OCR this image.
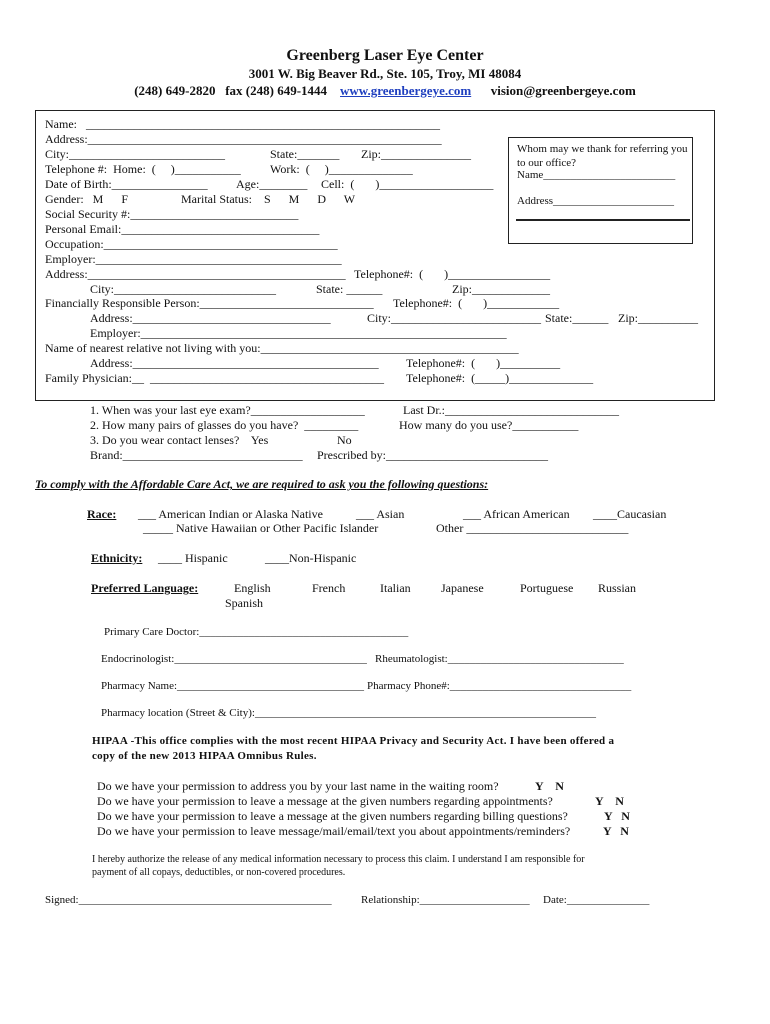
Greenberg Laser Eye Center
3001 W. Big Beaver Rd., Ste. 105, Troy, MI 48084
(248) 649-2820   fax (248) 649-1444 www.greenbergeye.com vision@greenbergeye.com
Name:   ___________________________________________________________
Address:___________________________________________________________
City:__________________________	State:_______ Zip:_______________
Telephone #:  Home:  (     )___________ Work:  (     )______________
Date of Birth:________________ Age:________ Cell:  (       )___________________
Gender:   M      F	Marital Status:    S      M      D      W
Social Security #:____________________________
Personal Email:_________________________________
Occupation:_______________________________________
Employer:_________________________________________
Address:___________________________________________ Telephone#:  (       )_________________
City:___________________________	State: ______	Zip:_____________
Financially Responsible Person:_____________________________ Telephone#:  (       )____________
Address:_________________________________	City:_________________________ State:______ Zip:__________
Employer:_____________________________________________________________
Name of nearest relative not living with you:___________________________________________
Address:_________________________________________ Telephone#:  (       )__________
Family Physician:__  _______________________________________ Telephone#:  (_____)______________
Whom may we thank for referring you to our office?
Name________________________
Address______________________
1. When was your last eye exam?___________________	Last Dr.:_____________________________
2. How many pairs of glasses do you have?  _________	How many do you use?___________
3. Do you wear contact lenses?    Yes	No
Brand:______________________________ Prescribed by:___________________________
To comply with the Affordable Care Act, we are required to ask you the following questions:
Race: ___ American Indian or Alaska Native	___ Asian	___ African American ____Caucasian
_____ Native Hawaiian or Other Pacific Islander	Other ___________________________
Ethnicity: ____ Hispanic	____Non-Hispanic
Preferred Language:	English	French	Italian	Japanese	Portuguese Russian
Spanish
Primary Care Doctor:______________________________________
Endocrinologist:___________________________________ Rheumatologist:________________________________
Pharmacy Name:__________________________________ Pharmacy Phone#:_________________________________
Pharmacy location (Street & City):______________________________________________________________
HIPAA -This office complies with the most recent HIPAA Privacy and Security Act. I have been offered a
copy of the new 2013 HIPAA Omnibus Rules.
Do we have your permission to address you by your last name in the waiting room?	Y    N
Do we have your permission to leave a message at the given numbers regarding appointments?	Y    N
Do we have your permission to leave a message at the given numbers regarding billing questions?	Y   N
Do we have your permission to leave message/mail/email/text you about appointments/reminders?	Y   N
I hereby authorize the release of any medical information necessary to process this claim. I understand I am responsible for
payment of all copays, deductibles, or non-covered procedures.
Signed:______________________________________________	Relationship:____________________ Date:_______________
